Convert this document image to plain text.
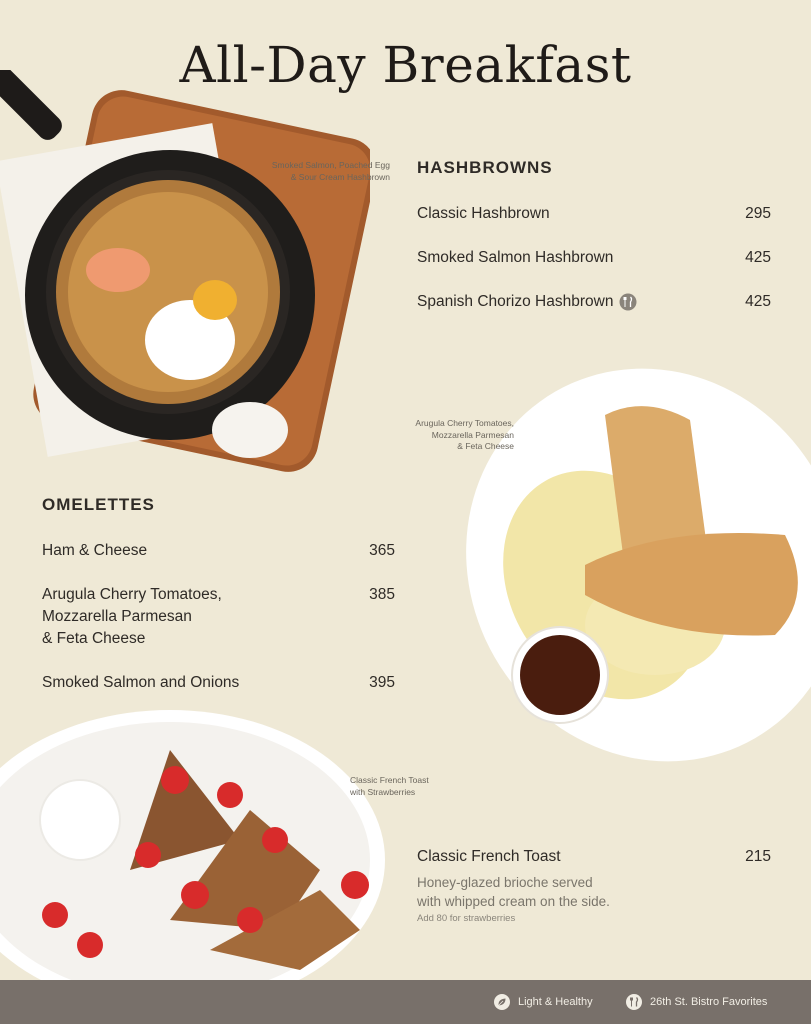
All-Day Breakfast
Smoked Salmon, Poached Egg
& Sour Cream Hashbrown HASHBROWNS
Classic Hashbrown	295
Smoked Salmon Hashbrown	425
Spanish Chorizo Hashbrown	425
Arugula Cherry Tomatoes,
Mozzarella Parmesan
& Feta Cheese
OMELETTES
Ham & Cheese	365
Arugula Cherry Tomatoes,
Mozzarella Parmesan
& Feta Cheese
385
Smoked Salmon and Onions	395
Classic French Toast
with Strawberries
Classic French Toast	215
Honey-glazed brioche served
with whipped cream on the side.
Add 80 for strawberries
Light & Healthy	26th St. Bistro Favorites
